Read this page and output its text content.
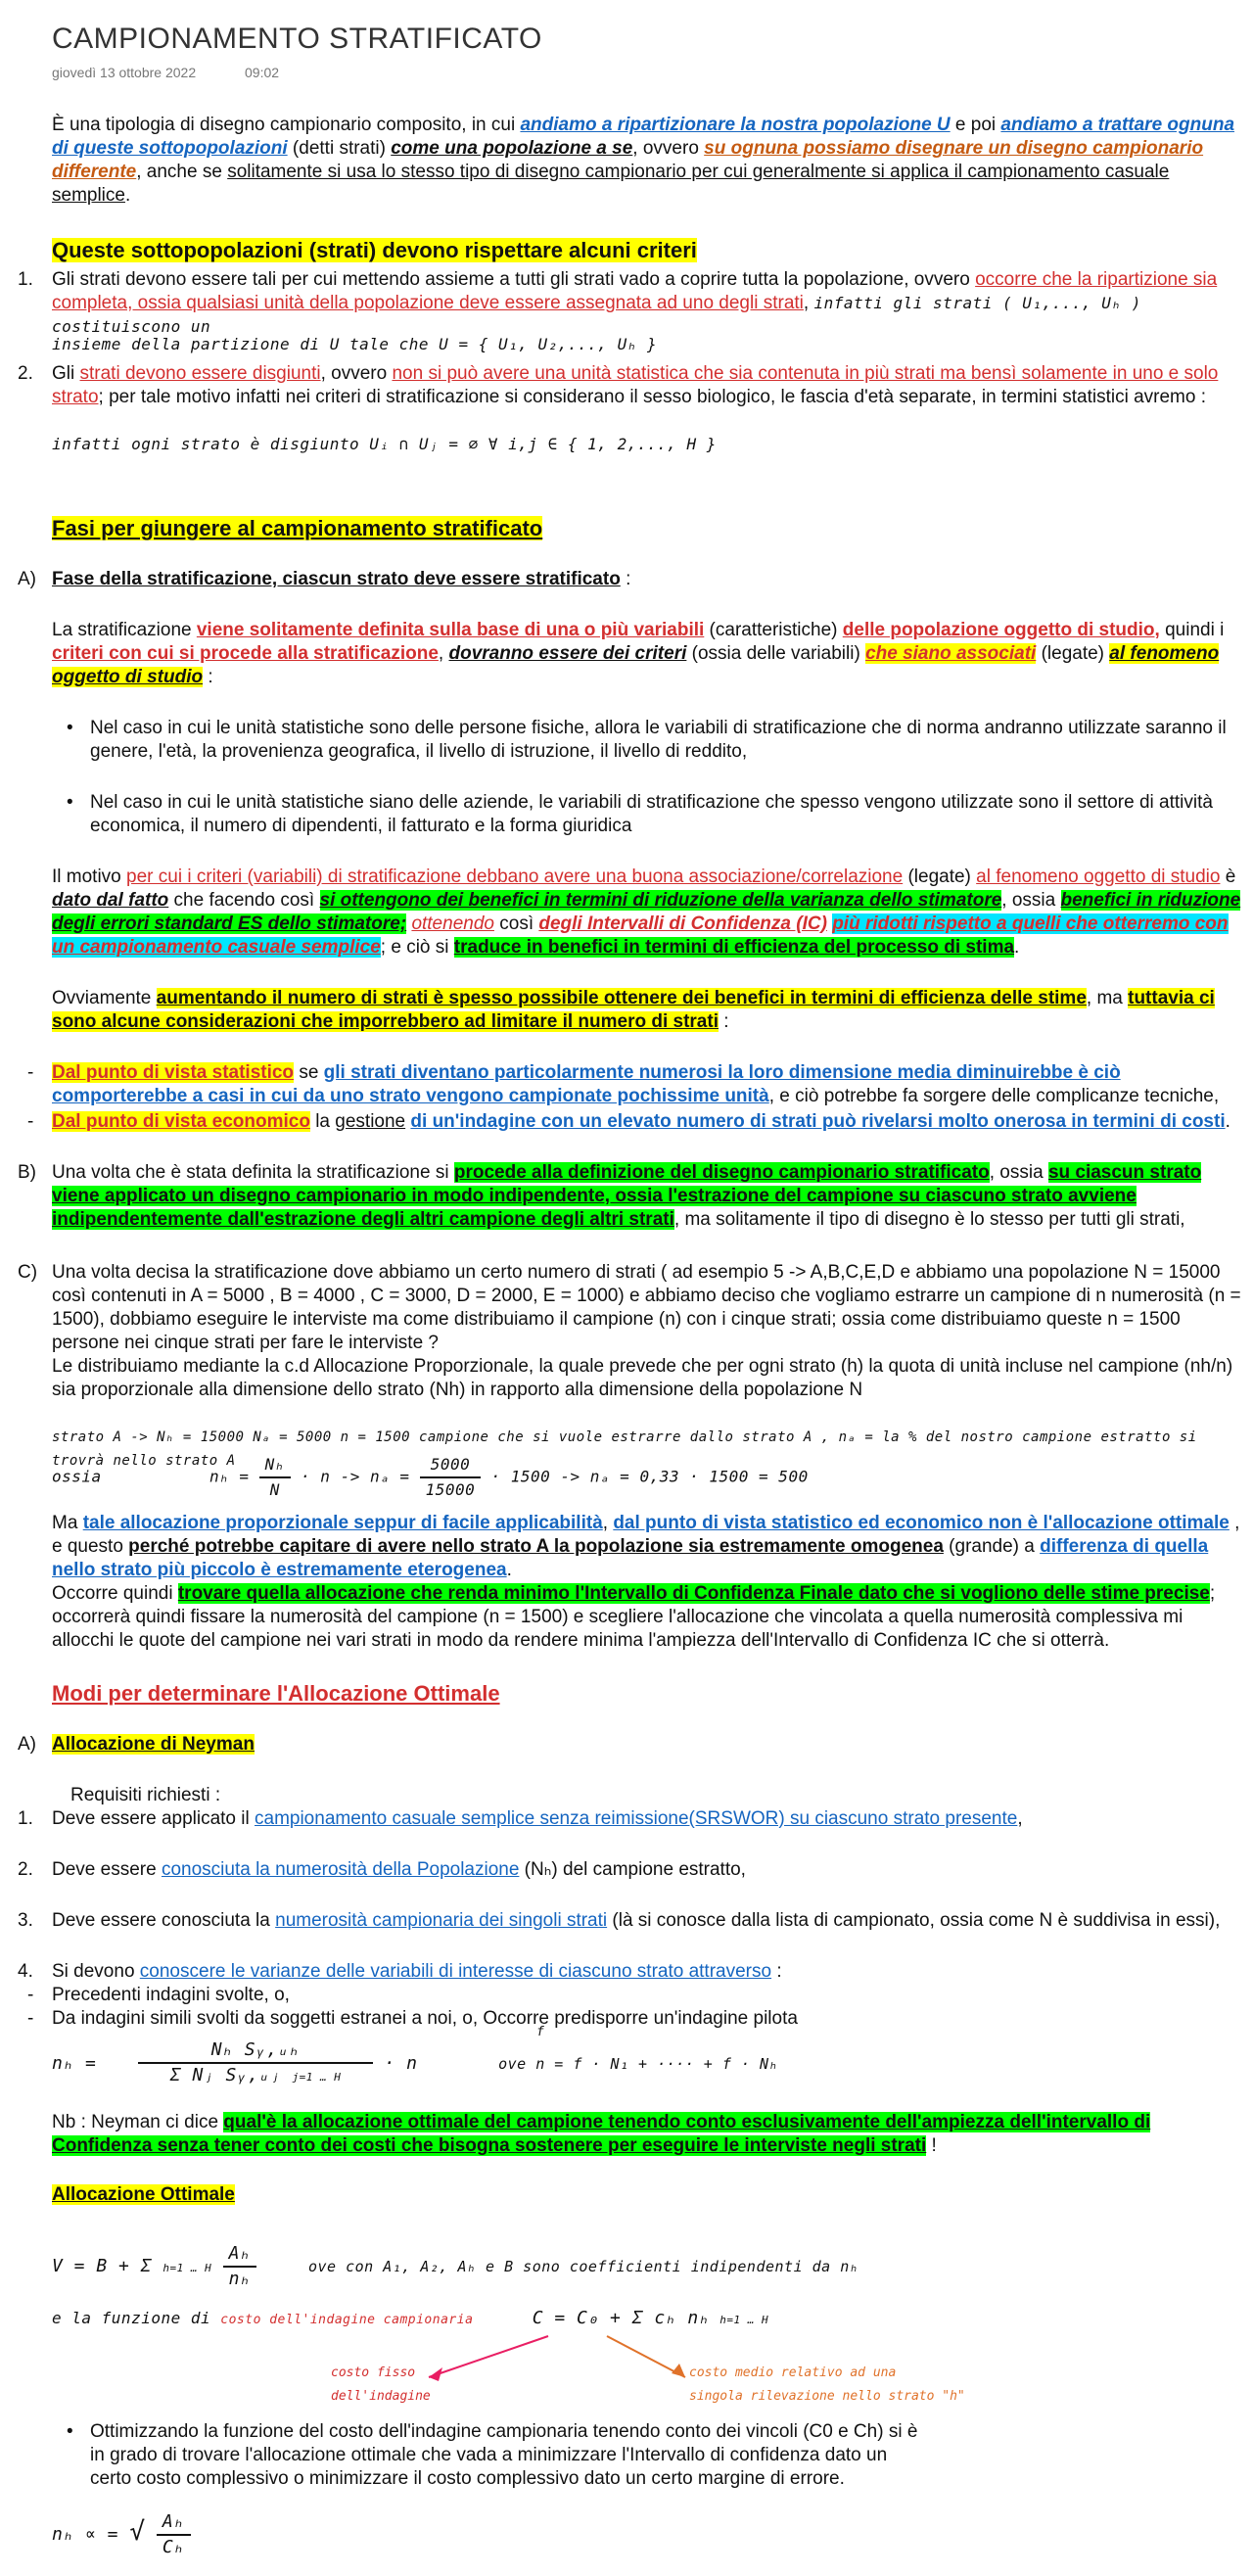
CAMPIONAMENTO STRATIFICATO
giovedì 13 ottobre 2022	09:02
È una tipologia di disegno campionario composito, in cui andiamo a ripartizionare la nostra popolazione U e poi andiamo a trattare ognuna di queste sottopopolazioni (detti strati) come una popolazione a se, ovvero su ognuna possiamo disegnare un disegno campionario differente, anche se solitamente si usa lo stesso tipo di disegno campionario per cui generalmente si applica il campionamento casuale semplice.
Queste sottopopolazioni (strati) devono rispettare alcuni criteri
1. Gli strati devono essere tali per cui mettendo assieme a tutti gli strati vado a coprire tutta la popolazione, ovvero occorre che la ripartizione sia completa, ossia qualsiasi unità della popolazione deve essere assegnata ad uno degli strati, infatti gli strati ( U₁,..., Uₕ ) costituiscono un
insieme della partizione di U tale che U = { U₁, U₂,..., Uₕ }
2. Gli strati devono essere disgiunti, ovvero non si può avere una unità statistica che sia contenuta in più strati ma bensì solamente in uno e solo strato; per tale motivo infatti nei criteri di stratificazione si considerano il sesso biologico, le fascia d'età separate, in termini statistici avremo :
infatti ogni strato è disgiunto Uᵢ ∩ Uⱼ = ∅ ∀ i,j ∈ { 1, 2,..., H }
Fasi per giungere al campionamento stratificato
A) Fase della stratificazione, ciascun strato deve essere stratificato :
La stratificazione viene solitamente definita sulla base di una o più variabili (caratteristiche) delle popolazione oggetto di studio, quindi i criteri con cui si procede alla stratificazione, dovranno essere dei criteri (ossia delle variabili) che siano associati (legate) al fenomeno oggetto di studio :
• Nel caso in cui le unità statistiche sono delle persone fisiche, allora le variabili di stratificazione che di norma andranno utilizzate saranno il genere, l'età, la provenienza geografica, il livello di istruzione, il livello di reddito,
• Nel caso in cui le unità statistiche siano delle aziende, le variabili di stratificazione che spesso vengono utilizzate sono il settore di attività economica, il numero di dipendenti, il fatturato e la forma giuridica
Il motivo per cui i criteri (variabili) di stratificazione debbano avere una buona associazione/correlazione (legate) al fenomeno oggetto di studio è dato dal fatto che facendo così si ottengono dei benefici in termini di riduzione della varianza dello stimatore, ossia benefici in riduzione degli errori standard ES dello stimatore; ottenendo così degli Intervalli di Confidenza (IC) più ridotti rispetto a quelli che otterremo con un campionamento casuale semplice; e ciò si traduce in benefici in termini di efficienza del processo di stima.
Ovviamente aumentando il numero di strati è spesso possibile ottenere dei benefici in termini di efficienza delle stime, ma tuttavia ci sono alcune considerazioni che imporrebbero ad limitare il numero di strati :
- Dal punto di vista statistico se gli strati diventano particolarmente numerosi la loro dimensione media diminuirebbe è ciò comporterebbe a casi in cui da uno strato vengono campionate pochissime unità, e ciò potrebbe fa sorgere delle complicanze tecniche,
- Dal punto di vista economico la gestione di un'indagine con un elevato numero di strati può rivelarsi molto onerosa in termini di costi.
B) Una volta che è stata definita la stratificazione si procede alla definizione del disegno campionario stratificato, ossia su ciascun strato viene applicato un disegno campionario in modo indipendente, ossia l'estrazione del campione su ciascuno strato avviene indipendentemente dall'estrazione degli altri campione degli altri strati, ma solitamente il tipo di disegno è lo stesso per tutti gli strati,
C) Una volta decisa la stratificazione dove abbiamo un certo numero di strati ( ad esempio 5 -> A,B,C,E,D e abbiamo una popolazione N = 15000 così contenuti in A = 5000 , B = 4000 , C = 3000, D = 2000, E = 1000) e abbiamo deciso che vogliamo estrarre un campione di n numerosità (n = 1500), dobbiamo eseguire le interviste ma come distribuiamo il campione (n) con i cinque strati; ossia come distribuiamo queste n = 1500 persone nei cinque strati per fare le interviste ?
Le distribuiamo mediante la c.d Allocazione Proporzionale, la quale prevede che per ogni strato (h) la quota di unità incluse nel campione (nh/n) sia proporzionale alla dimensione dello strato (Nh) in rapporto alla dimensione della popolazione N
strato A -> Nₕ = 15000 Nₐ = 5000 n = 1500 campione che si vuole estrarre dallo strato A , nₐ = la % del nostro campione estratto si trovrà nello strato A
ossia	$n_h = \frac{\text{Nₕ}}{N} \cdot n -> n_a = \frac{5000}{15000} \cdot 1500 -> n_a = 0,33 \cdot 1500 = 500$
Ma tale allocazione proporzionale seppur di facile applicabilità, dal punto di vista statistico ed economico non è l'allocazione ottimale , e questo perché potrebbe capitare di avere nello strato A la popolazione sia estremamente omogenea (grande) a differenza di quella nello strato più piccolo è estremamente eterogenea.
Occorre quindi trovare quella allocazione che renda minimo l'Intervallo di Confidenza Finale dato che si vogliono delle stime precise; occorrerà quindi fissare la numerosità del campione (n = 1500) e scegliere l'allocazione che vincolata a quella numerosità complessiva mi allocchi le quote del campione nei vari strati in modo da rendere minima l'ampiezza dell'Intervallo di Confidenza IC che si otterrà.
Modi per determinare l'Allocazione Ottimale
A) Allocazione di Neyman
Requisiti richiesti :
1. Deve essere applicato il campionamento casuale semplice senza reimissione(SRSWOR) su ciascuno strato presente,
2. Deve essere conosciuta la numerosità della Popolazione (Nₕ) del campione estratto,
3. Deve essere conosciuta la numerosità campionaria dei singoli strati (là si conosce dalla lista di campionato, ossia come N è suddivisa in essi),
4. Si devono conoscere le varianze delle variabili di interesse di ciascuno strato attraverso :
- Precedenti indagini svolte, o,
- Da indagini simili svolti da soggetti estranei a noi, o, Occorre predisporre un'indagine pilota
$n_h = \frac{\text{Nₕ Sᵧ,ᵤₕ}}{\text{Σ Nⱼ Sᵧ,ᵤⱼ j=1 … H}} \cdot n$	ove n = f · N₁ + ···· + f · Nₕ
f
Nb : Neyman ci dice qual'è la allocazione ottimale del campione tenendo conto esclusivamente dell'ampiezza dell'intervallo di Confidenza senza tener conto dei costi che bisogna sostenere per eseguire le interviste negli strati !
Allocazione Ottimale
V = B + Σ h=1 … H $\frac{\text{Aₕ}}{\text{nₕ}}$	ove con A₁, A₂, Aₕ e B sono coefficienti indipendenti da nₕ
e la funzione di costo dell'indagine campionaria	C = C₀ + Σ cₕ nₕ h=1 … H
costo fisso
dell'indagine
costo medio relativo ad una
singola rilevazione nello strato "h"
• Ottimizzando la funzione del costo dell'indagine campionaria tenendo conto dei vincoli (C0 e Ch) si è in grado di trovare l'allocazione ottimale che vada a minimizzare l'Intervallo di confidenza dato un certo costo complessivo o minimizzare il costo complessivo dato un certo margine di errore.
nₕ ∝ = √ $\frac{\text{Aₕ}}{\text{Cₕ}}$
